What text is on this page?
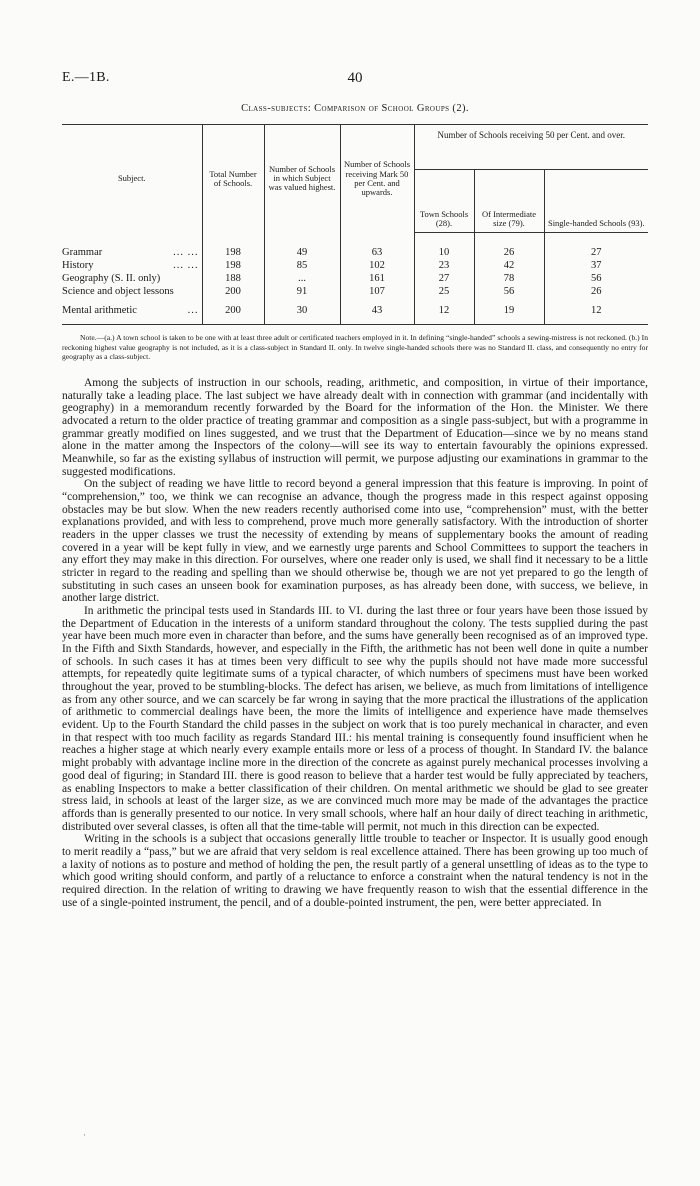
E.—1B.	40
Class-subjects: Comparison of School Groups (2).
Subject.	Total Number of Schools.	Number of Schools in which Subject was valued highest.	Number of Schools receiving Mark 50 per Cent. and upwards.	Number of Schools receiving 50 per Cent. and over.		
				Town Schools (28).	Of Intermediate size (79).	Single-handed Schools (93).

Grammar ... ...	198	49	63	10	26	27

History ... ...	198	85	102	23	42	37

Geography (S. II. only)	188	...	161	27	78	56

Science and object lessons	200	91	107	25	56	26

Mental arithmetic ...	200	30	43	12	19	12
Note.—(a.) A town school is taken to be one with at least three adult or certificated teachers employed in it. In defining “single-handed” schools a sewing-mistress is not reckoned. (b.) In reckoning highest value geography is not included, as it is a class-subject in Standard II. only. In twelve single-handed schools there was no Standard II. class, and consequently no entry for geography as a class-subject.

Among the subjects of instruction in our schools, reading, arithmetic, and composition, in virtue of their importance, naturally take a leading place. The last subject we have already dealt with in connection with grammar (and incidentally with geography) in a memorandum recently forwarded by the Board for the information of the Hon. the Minister. We there advocated a return to the older practice of treating grammar and composition as a single pass-subject, but with a programme in grammar greatly modified on lines suggested, and we trust that the Department of Education—since we by no means stand alone in the matter among the Inspectors of the colony—will see its way to entertain favourably the opinions expressed. Meanwhile, so far as the existing syllabus of instruction will permit, we purpose adjusting our examinations in grammar to the suggested modifications.

On the subject of reading we have little to record beyond a general impression that this feature is improving. In point of “comprehension,” too, we think we can recognise an advance, though the progress made in this respect against opposing obstacles may be but slow. When the new readers recently authorised come into use, “comprehension” must, with the better explanations provided, and with less to comprehend, prove much more generally satisfactory. With the introduction of shorter readers in the upper classes we trust the necessity of extending by means of supplementary books the amount of reading covered in a year will be kept fully in view, and we earnestly urge parents and School Committees to support the teachers in any effort they may make in this direction. For ourselves, where one reader only is used, we shall find it necessary to be a little stricter in regard to the reading and spelling than we should otherwise be, though we are not yet prepared to go the length of substituting in such cases an unseen book for examination purposes, as has already been done, with success, we believe, in another large district.

In arithmetic the principal tests used in Standards III. to VI. during the last three or four years have been those issued by the Department of Education in the interests of a uniform standard throughout the colony. The tests supplied during the past year have been much more even in character than before, and the sums have generally been recognised as of an improved type. In the Fifth and Sixth Standards, however, and especially in the Fifth, the arithmetic has not been well done in quite a number of schools. In such cases it has at times been very difficult to see why the pupils should not have made more successful attempts, for repeatedly quite legitimate sums of a typical character, of which numbers of specimens must have been worked throughout the year, proved to be stumbling-blocks. The defect has arisen, we believe, as much from limitations of intelligence as from any other source, and we can scarcely be far wrong in saying that the more practical the illustrations of the application of arithmetic to commercial dealings have been, the more the limits of intelligence and experience have made themselves evident. Up to the Fourth Standard the child passes in the subject on work that is too purely mechanical in character, and even in that respect with too much facility as regards Standard III.: his mental training is consequently found insufficient when he reaches a higher stage at which nearly every example entails more or less of a process of thought. In Standard IV. the balance might probably with advantage incline more in the direction of the concrete as against purely mechanical processes involving a good deal of figuring; in Standard III. there is good reason to believe that a harder test would be fully appreciated by teachers, as enabling Inspectors to make a better classification of their children. On mental arithmetic we should be glad to see greater stress laid, in schools at least of the larger size, as we are convinced much more may be made of the advantages the practice affords than is generally presented to our notice. In very small schools, where half an hour daily of direct teaching in arithmetic, distributed over several classes, is often all that the time-table will permit, not much in this direction can be expected.

Writing in the schools is a subject that occasions generally little trouble to teacher or Inspector. It is usually good enough to merit readily a “pass,” but we are afraid that very seldom is real excellence attained. There has been growing up too much of a laxity of notions as to posture and method of holding the pen, the result partly of a general unsettling of ideas as to the type to which good writing should conform, and partly of a reluctance to enforce a constraint when the natural tendency is not in the required direction. In the relation of writing to drawing we have frequently reason to wish that the essential difference in the use of a single-pointed instrument, the pencil, and of a double-pointed instrument, the pen, were better appreciated. In

·
